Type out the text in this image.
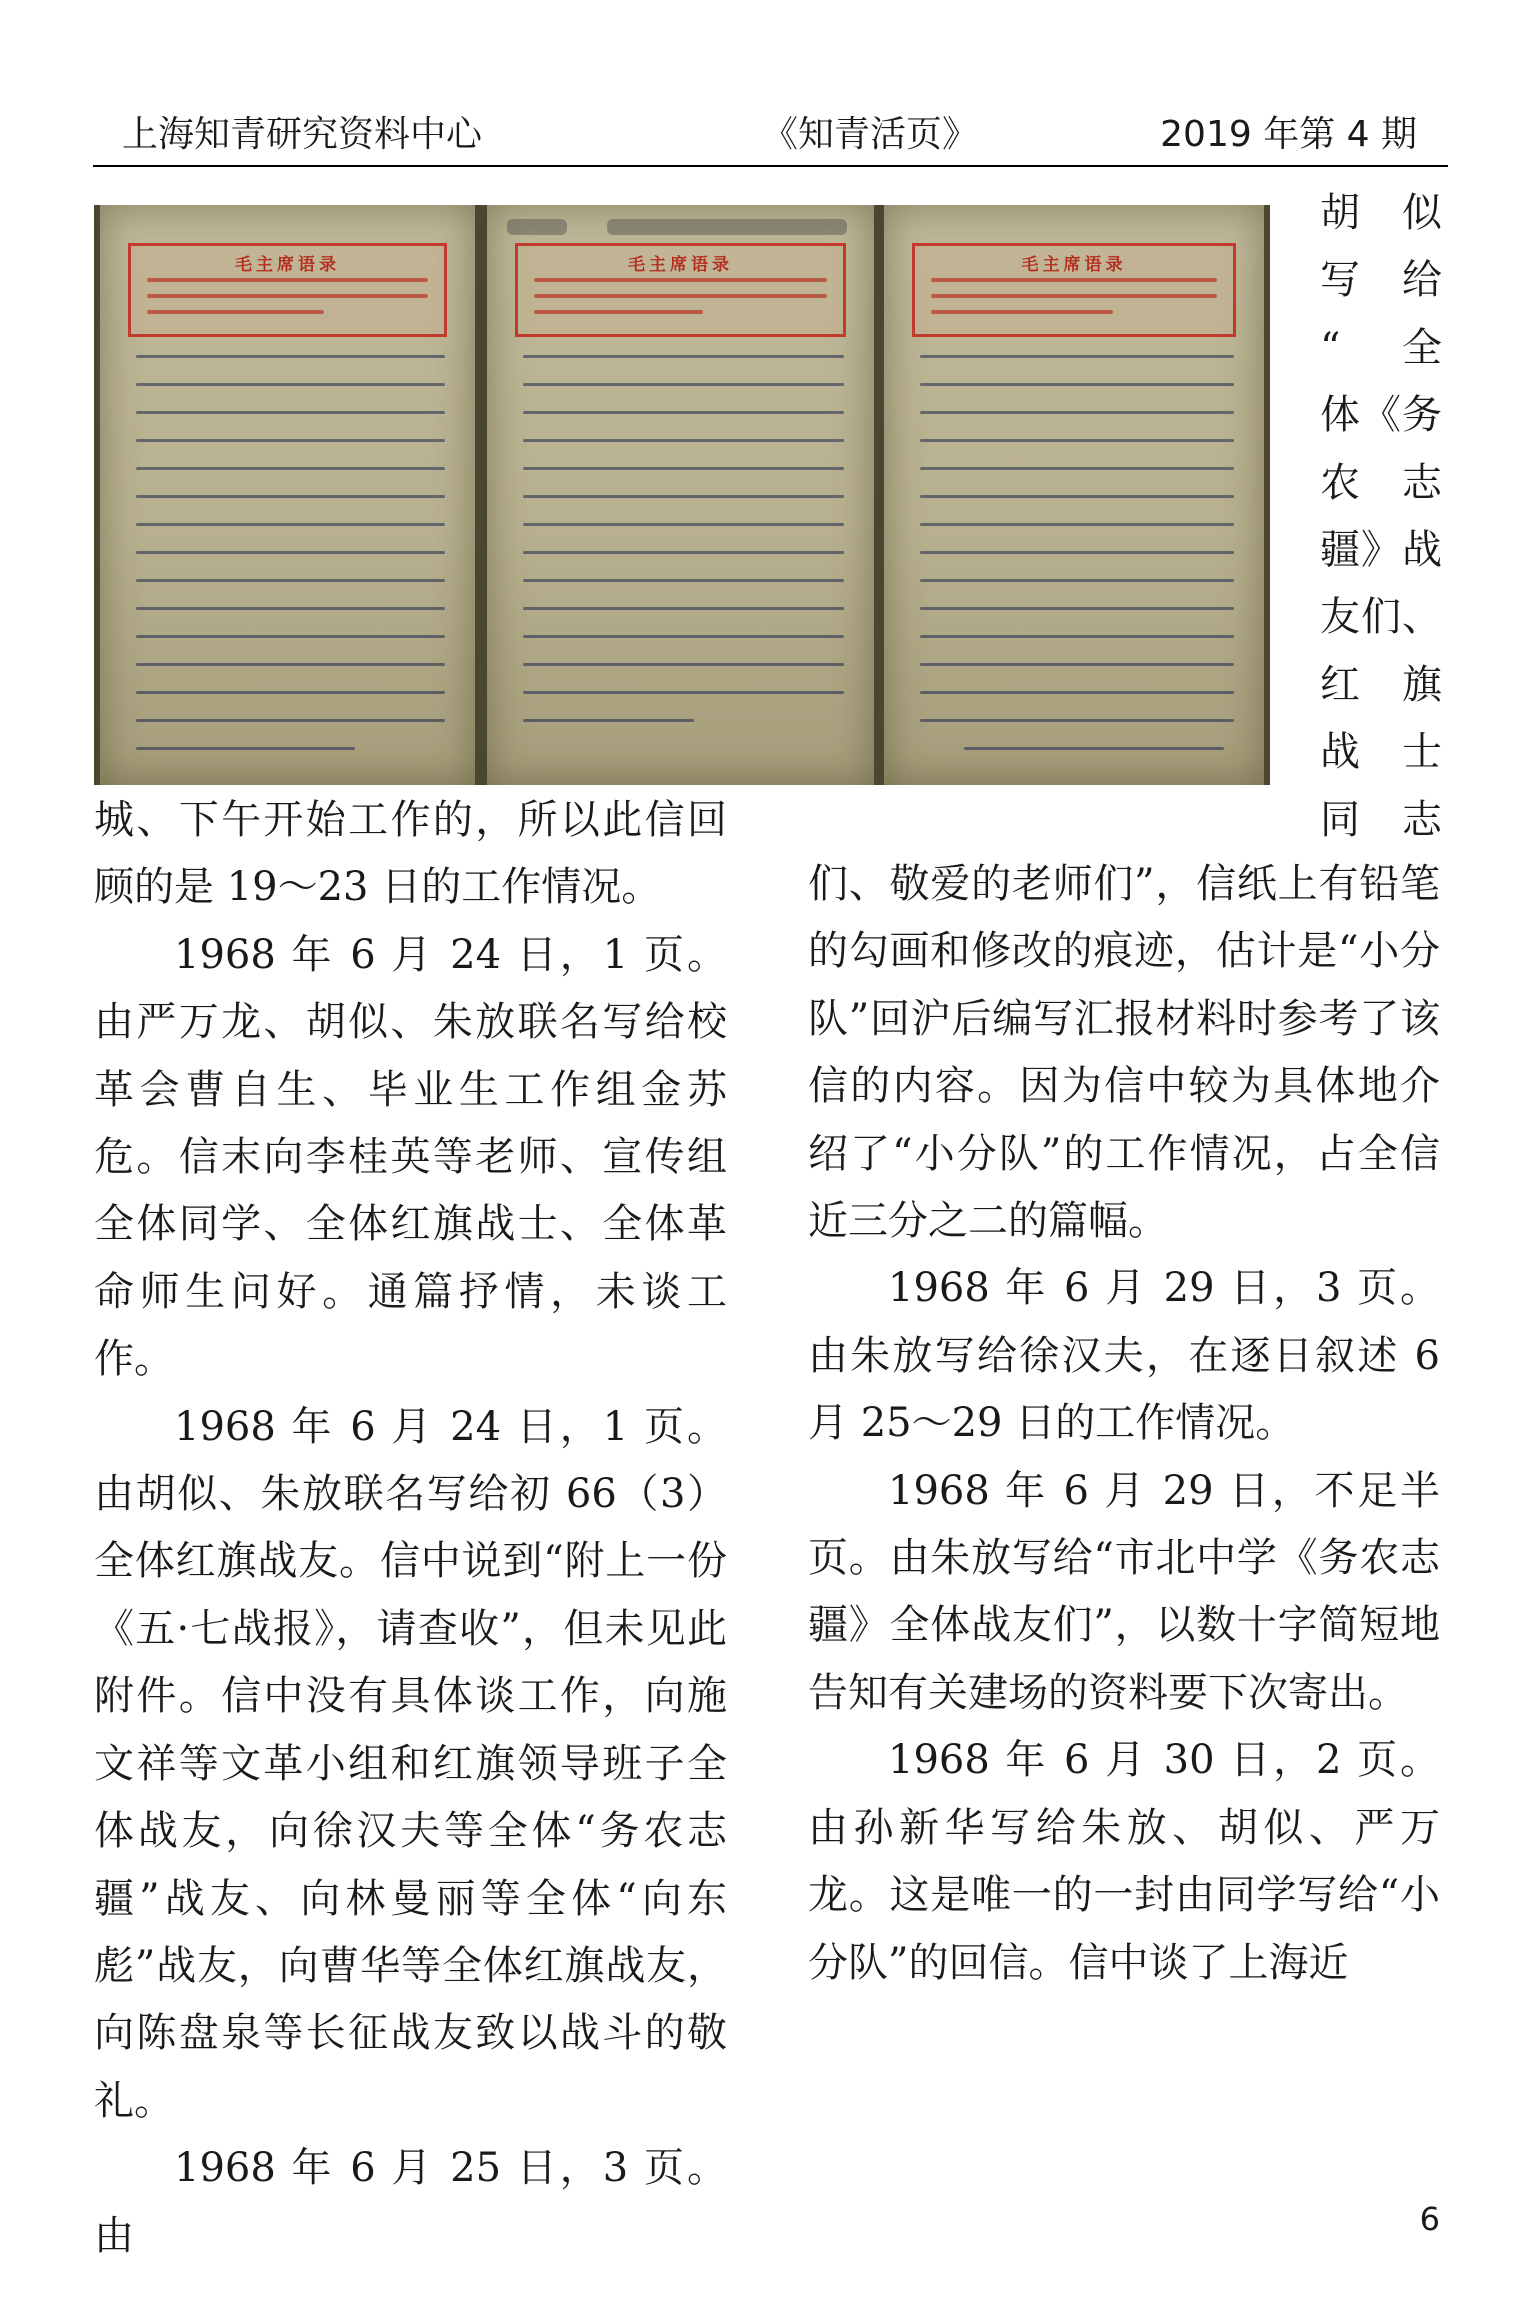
上海知青研究资料中心	《知青活页》	2019 年第 4 期
毛主席语录	毛主席语录	毛主席语录
胡 似
写 给
“ 全
体《务
农 志
疆》战
友们、
红 旗
战 士
同 志

城、下午开始工作的，所以此信回顾的是 19～23 日的工作情况。

1968 年 6 月 24 日，1 页。由严万龙、胡似、朱放联名写给校革会曹自生、毕业生工作组金苏危。信末向李桂英等老师、宣传组全体同学、全体红旗战士、全体革命师生问好。通篇抒情，未谈工作。

1968 年 6 月 24 日，1 页。由胡似、朱放联名写给初 66（3）全体红旗战友。信中说到“附上一份《五·七战报》，请查收”，但未见此附件。信中没有具体谈工作，向施文祥等文革小组和红旗领导班子全体战友，向徐汉夫等全体“务农志疆”战友、向林曼丽等全体“向东彪”战友，向曹华等全体红旗战友，向陈盘泉等长征战友致以战斗的敬礼。

1968 年 6 月 25 日，3 页。由

们、敬爱的老师们”，信纸上有铅笔的勾画和修改的痕迹，估计是“小分队”回沪后编写汇报材料时参考了该信的内容。因为信中较为具体地介绍了“小分队”的工作情况，占全信近三分之二的篇幅。

1968 年 6 月 29 日，3 页。由朱放写给徐汉夫，在逐日叙述 6 月 25～29 日的工作情况。

1968 年 6 月 29 日，不足半页。由朱放写给“市北中学《务农志疆》全体战友们”，以数十字简短地告知有关建场的资料要下次寄出。

1968 年 6 月 30 日，2 页。由孙新华写给朱放、胡似、严万龙。这是唯一的一封由同学写给“小分队”的回信。信中谈了上海近

6
